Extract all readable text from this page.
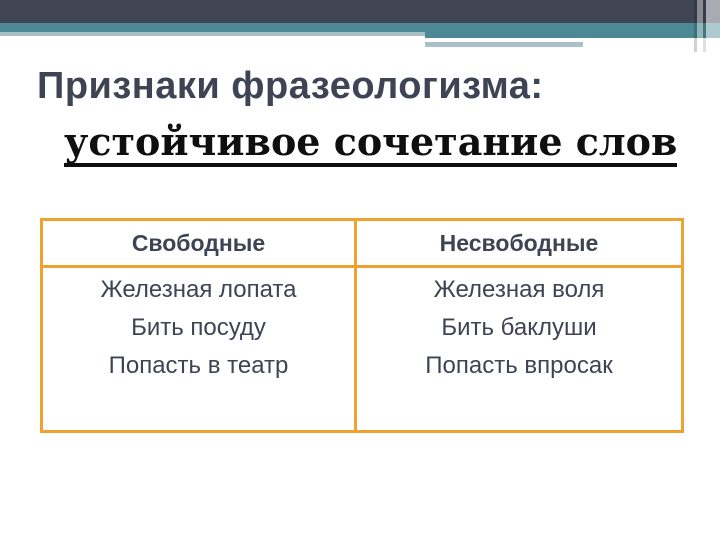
Признаки фразеологизма:
устойчивое сочетание слов
Свободные	Несвободные
Железная лопата
Бить посуду
Попасть в театр
Железная воля
Бить баклуши
Попасть впросак
